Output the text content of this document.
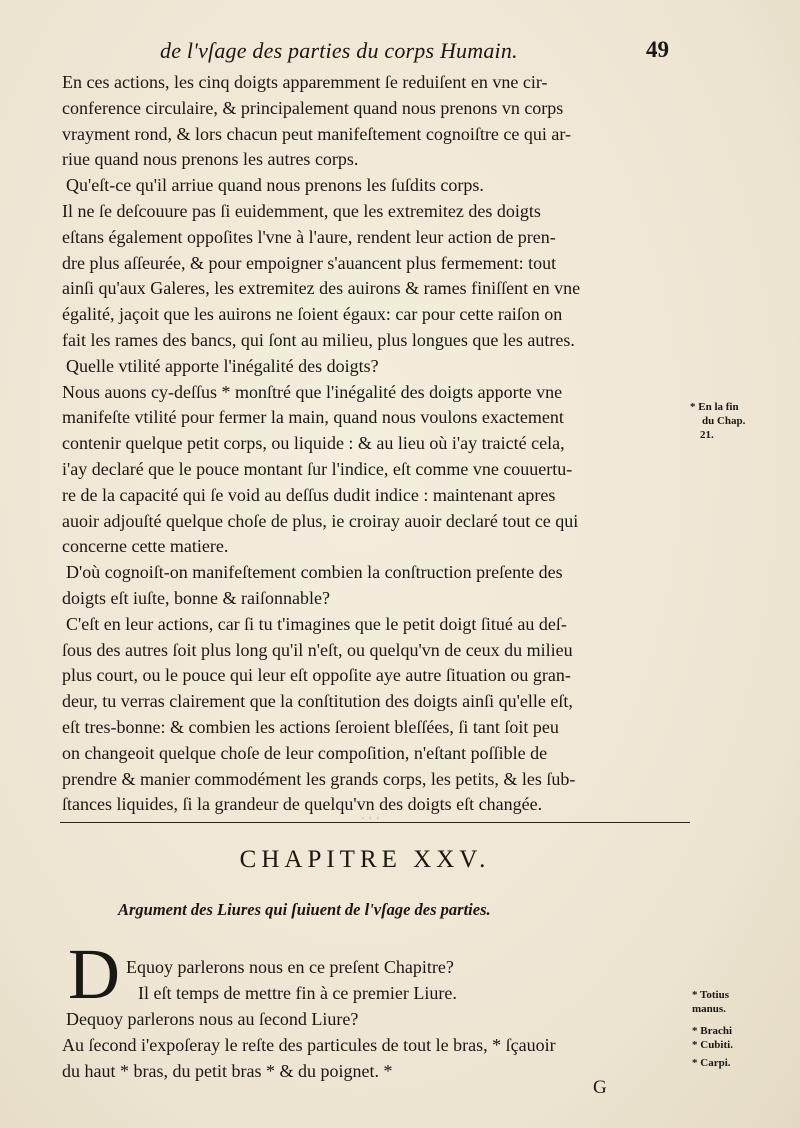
de l'vſage des parties du corps Humain.	49
En ces actions, les cinq doigts apparemment ſe reduiſent en vne cir-
conference circulaire, & principalement quand nous prenons vn corps
vrayment rond, & lors chacun peut manifeſtement cognoiſtre ce qui ar-
riue quand nous prenons les autres corps.
Qu'eſt-ce qu'il arriue quand nous prenons les ſuſdits corps.
Il ne ſe deſcouure pas ſi euidemment, que les extremitez des doigts
eſtans également oppoſites l'vne à l'aure, rendent leur action de pren-
dre plus aſſeurée, & pour empoigner s'auancent plus fermement: tout
ainſi qu'aux Galeres, les extremitez des auirons & rames finiſſent en vne
égalité, jaçoit que les auirons ne ſoient égaux: car pour cette raiſon on
fait les rames des bancs, qui ſont au milieu, plus longues que les autres.
Quelle vtilité apporte l'inégalité des doigts?
Nous auons cy-deſſus * monſtré que l'inégalité des doigts apporte vne
manifeſte vtilité pour fermer la main, quand nous voulons exactement
contenir quelque petit corps, ou liquide : & au lieu où i'ay traicté cela,
i'ay declaré que le pouce montant ſur l'indice, eſt comme vne couuertu-
re de la capacité qui ſe void au deſſus dudit indice : maintenant apres
auoir adjouſté quelque choſe de plus, ie croiray auoir declaré tout ce qui
concerne cette matiere.
D'où cognoiſt-on manifeſtement combien la conſtruction preſente des
doigts eſt iuſte, bonne & raiſonnable?
C'eſt en leur actions, car ſi tu t'imagines que le petit doigt ſitué au deſ-
ſous des autres ſoit plus long qu'il n'eſt, ou quelqu'vn de ceux du milieu
plus court, ou le pouce qui leur eſt oppoſite aye autre ſituation ou gran-
deur, tu verras clairement que la conſtitution des doigts ainſi qu'elle eſt,
eſt tres-bonne: & combien les actions ſeroient bleſſées, ſi tant ſoit peu
on changeoit quelque choſe de leur compoſition, n'eſtant poſſible de
prendre & manier commodément les grands corps, les petits, & les ſub-
ſtances liquides, ſi la grandeur de quelqu'vn des doigts eſt changée.
* En la fin
du Chap.
21.
· · ·
CHAPITRE XXV.
Argument des Liures qui ſuiuent de l'vſage des parties.
D Equoy parlerons nous en ce preſent Chapitre?
Il eſt temps de mettre fin à ce premier Liure.
Dequoy parlerons nous au ſecond Liure?
Au ſecond i'expoſeray le reſte des particules de tout le bras, * ſçauoir
du haut * bras, du petit bras * & du poignet. *
* Totius
manus.
* Brachi
* Cubiti.
* Carpi.
G
